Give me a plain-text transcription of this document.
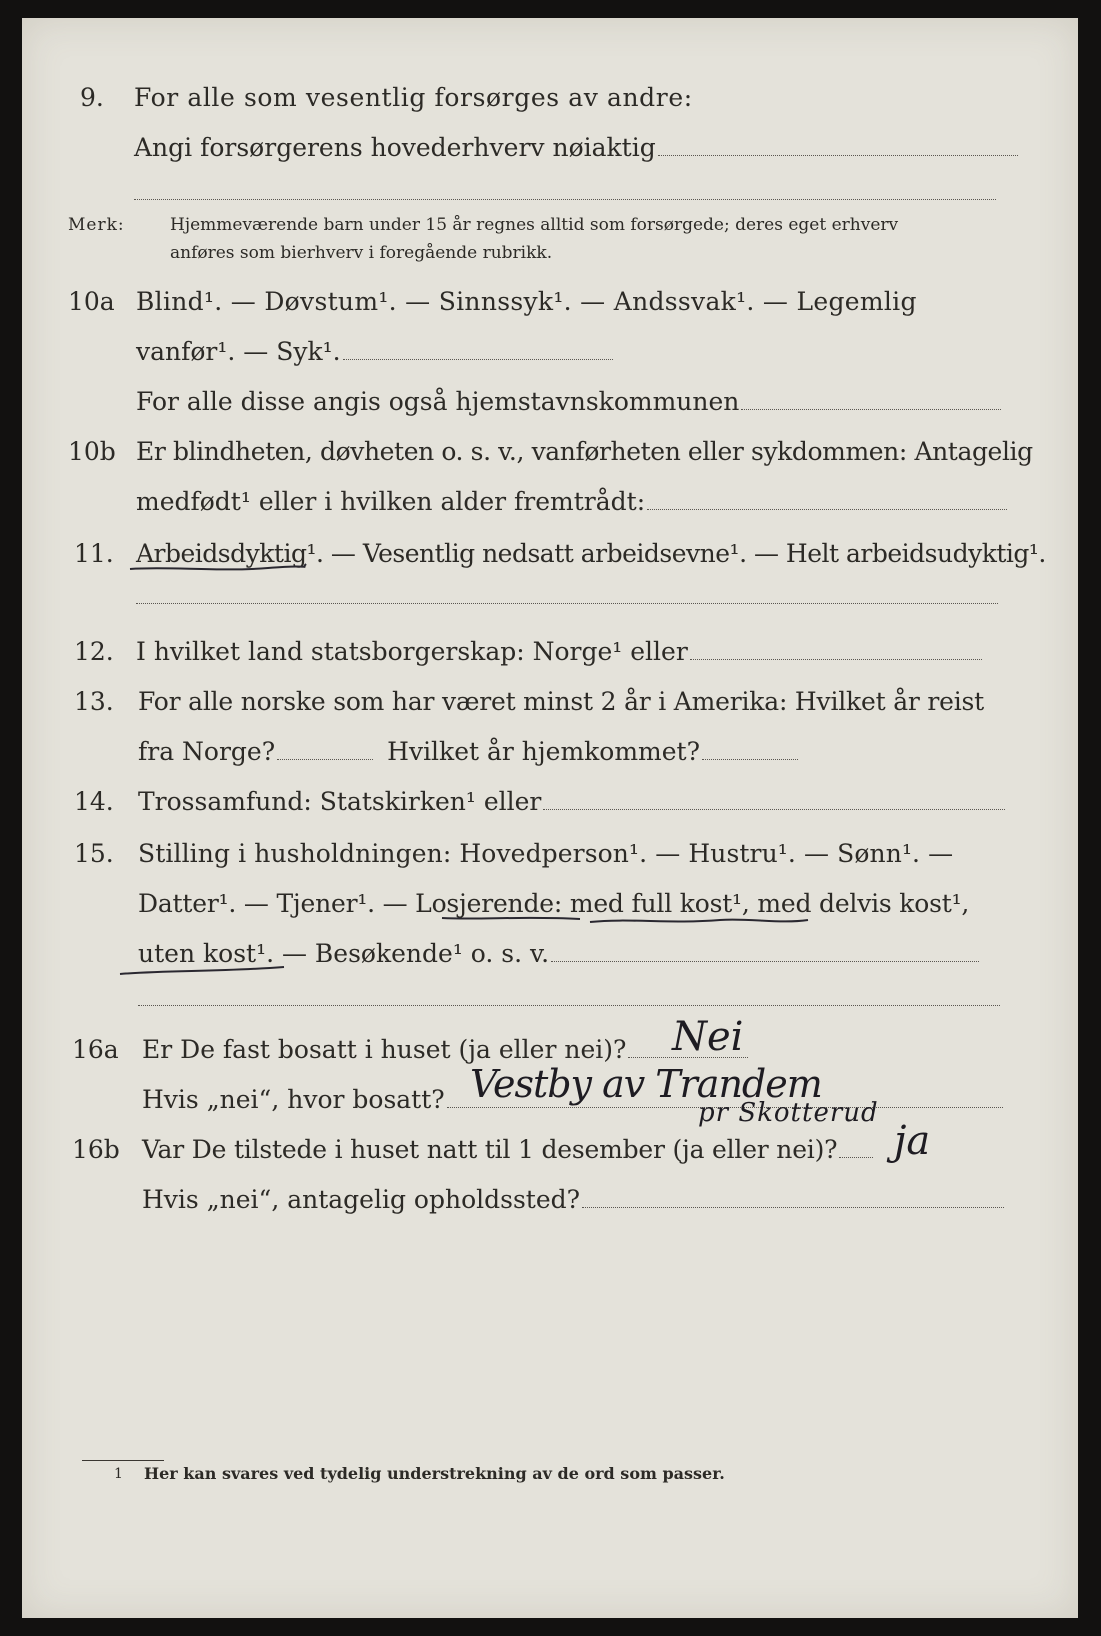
9. For alle som vesentlig forsørges av andre:
Angi forsørgerens hovederhverv nøiaktig
Merk:	Hjemmeværende barn under 15 år regnes alltid som forsørgede; deres eget erhverv
anføres som bierhverv i foregående rubrikk.
10a Blind¹. — Døvstum¹. — Sinnssyk¹. — Andssvak¹. — Legemlig
vanfør¹. — Syk¹.
For alle disse angis også hjemstavnskommunen
10b Er blindheten, døvheten o. s. v., vanførheten eller sykdommen: Antagelig
medfødt¹ eller i hvilken alder fremtrådt:
11. Arbeidsdyktig¹. — Vesentlig nedsatt arbeidsevne¹. — Helt arbeidsudyktig¹.
12. I hvilket land statsborgerskap: Norge¹ eller
13. For alle norske som har været minst 2 år i Amerika: Hvilket år reist
fra Norge?	Hvilket år hjemkommet?
14. Trossamfund: Statskirken¹ eller
15. Stilling i husholdningen: Hovedperson¹. — Hustru¹. — Sønn¹. —
Datter¹. — Tjener¹. — Losjerende: med full kost¹, med delvis kost¹,
uten kost¹. — Besøkende¹ o. s. v.
16a Er De fast bosatt i huset (ja eller nei)?	Nei
Hvis „nei“, hvor bosatt? Vestby av Trandem
pr Skotterud
16b Var De tilstede i huset natt til 1 desember (ja eller nei)?	ja
Hvis „nei“, antagelig opholdssted?
1 Her kan svares ved tydelig understrekning av de ord som passer.
